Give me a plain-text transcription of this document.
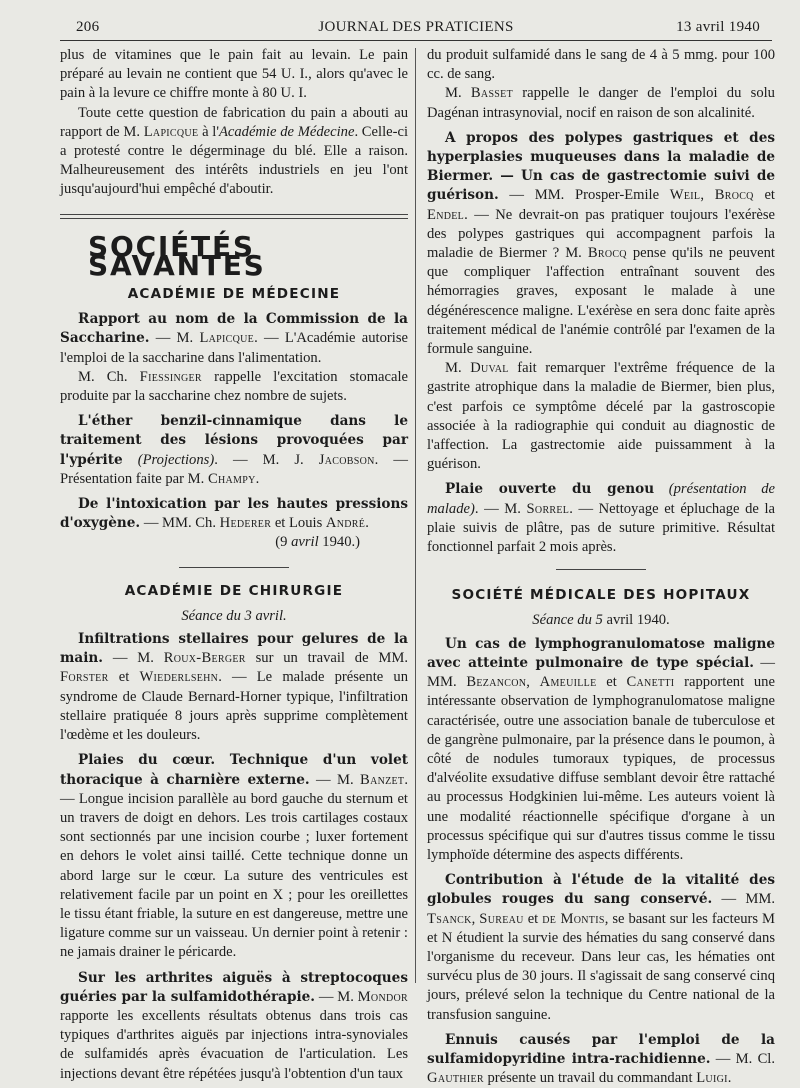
206	JOURNAL DES PRATICIENS	13 avril 1940

plus de vitamines que le pain fait au levain. Le pain préparé au levain ne contient que 54 U. I., alors qu'avec le pain à la levure ce chiffre monte à 80 U. I.

Toute cette question de fabrication du pain a abouti au rapport de M. Lapicque à l'Académie de Médecine. Celle-ci a protesté contre le dégerminage du blé. Elle a raison. Malheureusement des intérêts industriels en jeu l'ont jusqu'aujourd'hui empêché d'aboutir.

SOCIÉTÉS SAVANTES
ACADÉMIE DE MÉDECINE

Rapport au nom de la Commission de la Saccharine. — M. Lapicque. — L'Académie autorise l'emploi de la saccharine dans l'alimentation.

M. Ch. Fiessinger rappelle l'excitation stomacale produite par la saccharine chez nombre de sujets.

L'éther benzil-cinnamique dans le traitement des lésions provoquées par l'ypérite (Projections). — M. J. Jacobson. — Présentation faite par M. Champy.

De l'intoxication par les hautes pressions d'oxygène. — MM. Ch. Hederer et Louis André.

(9 avril 1940.)

ACADÉMIE DE CHIRURGIE
Séance du 3 avril.

Infiltrations stellaires pour gelures de la main. — M. Roux-Berger sur un travail de MM. Forster et Wiederlsehn. — Le malade présente un syndrome de Claude Bernard-Horner typique, l'infiltration stellaire pratiquée 8 jours après supprime complètement l'œdème et les douleurs.

Plaies du cœur. Technique d'un volet thoracique à charnière externe. — M. Banzet. — Longue incision parallèle au bord gauche du sternum et un travers de doigt en dehors. Les trois cartilages costaux sont sectionnés par une incision courbe ; luxer fortement en dehors le volet ainsi taillé. Cette technique donne un abord large sur le cœur. La suture des ventricules est relativement facile par un point en X ; pour les oreillettes le tissu étant friable, la suture en est dangereuse, mettre une ligature comme sur un vaisseau. Un dernier point à retenir : ne jamais drainer le péricarde.

Sur les arthrites aiguës à streptocoques guéries par la sulfamidothérapie. — M. Mondor rapporte les excellents résultats obtenus dans trois cas typiques d'arthrites aiguës par injections intra-synoviales de sulfamidés après évacuation de l'articulation. Les injections devant être répétées jusqu'à l'obtention d'un taux

du produit sulfamidé dans le sang de 4 à 5 mmg. pour 100 cc. de sang.

M. Basset rappelle le danger de l'emploi du solu Dagénan intrasynovial, nocif en raison de son alcalinité.

A propos des polypes gastriques et des hyperplasies muqueuses dans la maladie de Biermer. — Un cas de gastrectomie suivi de guérison. — MM. Prosper-Emile Weil, Brocq et Endel. — Ne devrait-on pas pratiquer toujours l'exérèse des polypes gastriques qui accompagnent parfois la maladie de Biermer ? M. Brocq pense qu'ils ne peuvent que compliquer l'affection entraînant souvent des hémorragies graves, exposant le malade à une dégénérescence maligne. L'exérèse en sera donc faite après traitement médical de l'anémie contrôlé par l'examen de la formule sanguine.

M. Duval fait remarquer l'extrême fréquence de la gastrite atrophique dans la maladie de Biermer, bien plus, c'est parfois ce symptôme décelé par la gastroscopie associée à la radiographie qui conduit au diagnostic de l'affection. La gastrectomie aide puissamment à la guérison.

Plaie ouverte du genou (présentation de malade). — M. Sorrel. — Nettoyage et épluchage de la plaie suivis de plâtre, pas de suture primitive. Résultat fonctionnel parfait 2 mois après.

SOCIÉTÉ MÉDICALE DES HOPITAUX
Séance du 5 avril 1940.

Un cas de lymphogranulomatose maligne avec atteinte pulmonaire de type spécial. — MM. Bezancon, Ameuille et Canetti rapportent une intéressante observation de lymphogranulomatose maligne caractérisée, outre une association banale de tuberculose et de gangrène pulmonaire, par la présence dans le poumon, à côté de nodules tumoraux typiques, de processus d'alvéolite exsudative diffuse semblant devoir être rattaché au processus Hodgkinien lui-même. Les auteurs voient là une modalité réactionnelle spécifique d'organe à un processus spécifique qui sur d'autres tissus comme le tissu lymphoïde détermine des aspects différents.

Contribution à l'étude de la vitalité des globules rouges du sang conservé. — MM. Tsanck, Sureau et de Montis, se basant sur les facteurs M et N étudient la survie des hématies du sang conservé dans l'organisme du receveur. Dans leur cas, les hématies ont survécu plus de 30 jours. Il s'agissait de sang conservé cinq jours, prélevé selon la technique du Centre national de la transfusion sanguine.

Ennuis causés par l'emploi de la sulfamidopyridine intra-rachidienne. — M. Cl. Gauthier présente un travail du commandant Luigi.
